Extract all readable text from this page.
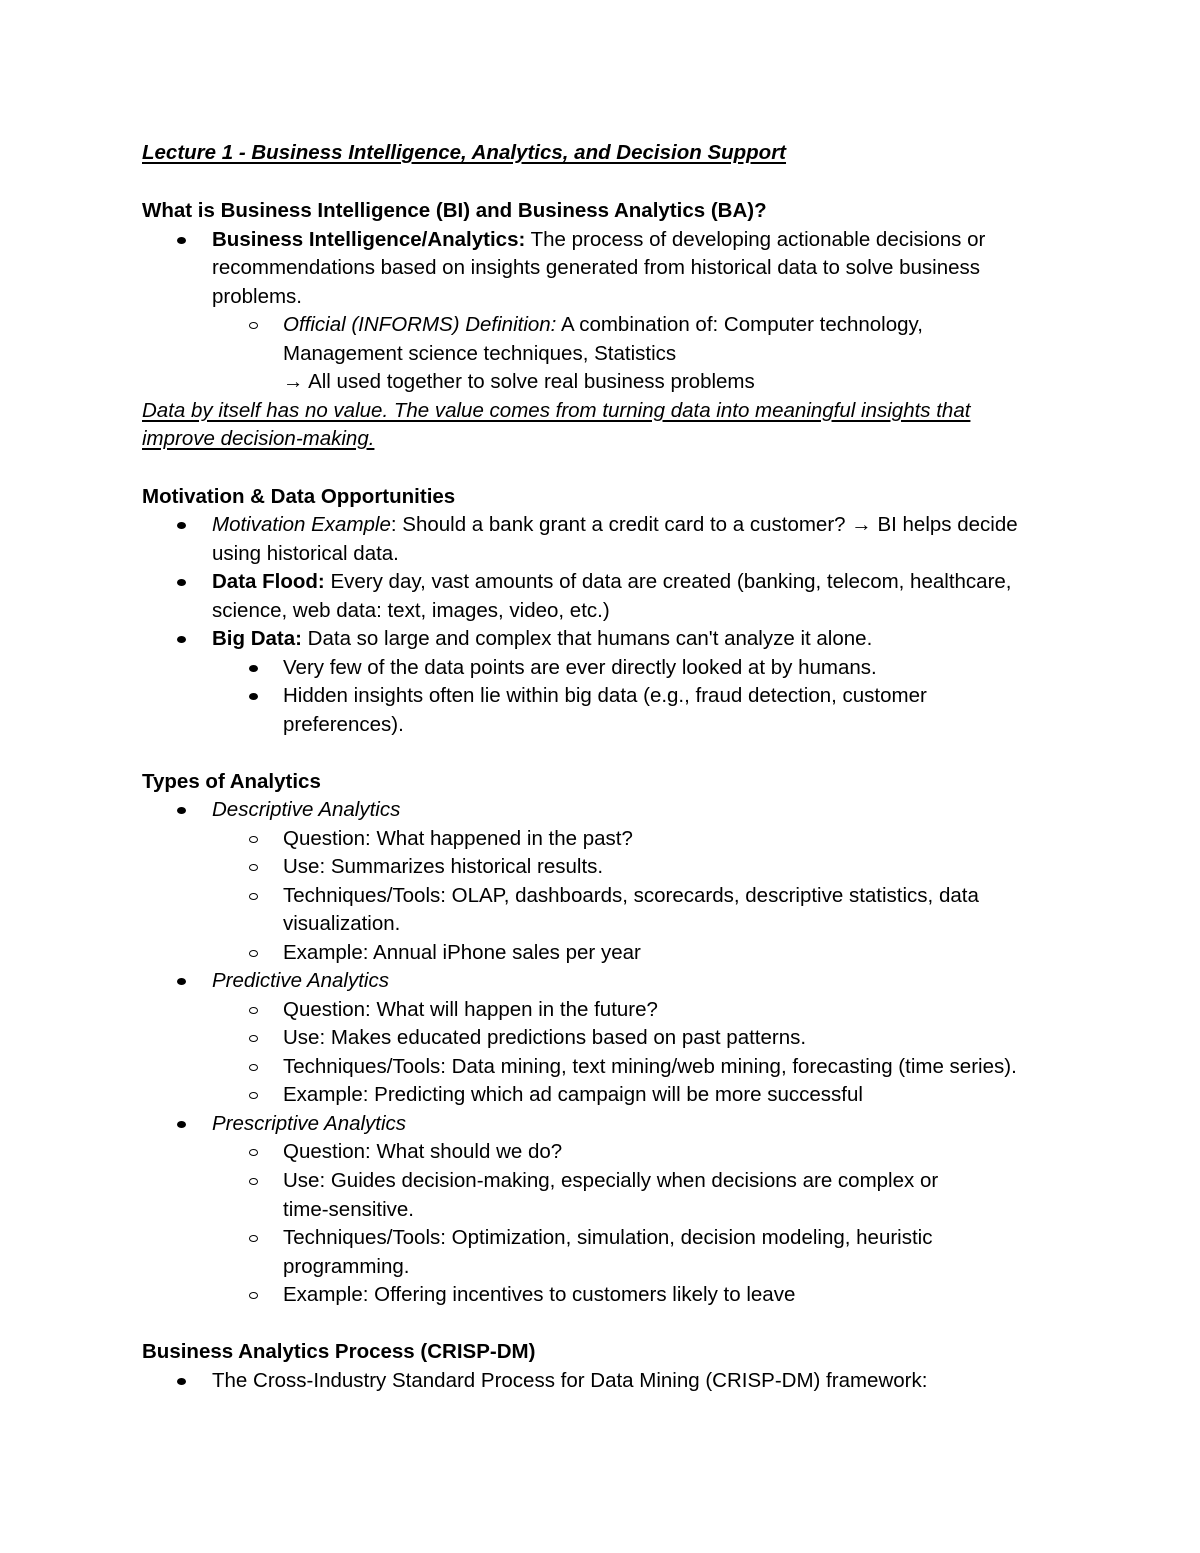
Lecture 1 - Business Intelligence, Analytics, and Decision Support
What is Business Intelligence (BI) and Business Analytics (BA)?
Business Intelligence/Analytics: The process of developing actionable decisions or
recommendations based on insights generated from historical data to solve business
problems.
Official (INFORMS) Definition: A combination of: Computer technology,
Management science techniques, Statistics
→ All used together to solve real business problems
Data by itself has no value. The value comes from turning data into meaningful insights that
improve decision-making.
Motivation & Data Opportunities
Motivation Example: Should a bank grant a credit card to a customer? → BI helps decide
using historical data.
Data Flood: Every day, vast amounts of data are created (banking, telecom, healthcare,
science, web data: text, images, video, etc.)
Big Data: Data so large and complex that humans can't analyze it alone.
Very few of the data points are ever directly looked at by humans.
Hidden insights often lie within big data (e.g., fraud detection, customer
preferences).
Types of Analytics
Descriptive Analytics
Question: What happened in the past?
Use: Summarizes historical results.
Techniques/Tools: OLAP, dashboards, scorecards, descriptive statistics, data
visualization.
Example: Annual iPhone sales per year
Predictive Analytics
Question: What will happen in the future?
Use: Makes educated predictions based on past patterns.
Techniques/Tools: Data mining, text mining/web mining, forecasting (time series).
Example: Predicting which ad campaign will be more successful
Prescriptive Analytics
Question: What should we do?
Use: Guides decision-making, especially when decisions are complex or
time-sensitive.
Techniques/Tools: Optimization, simulation, decision modeling, heuristic
programming.
Example: Offering incentives to customers likely to leave
Business Analytics Process (CRISP-DM)
The Cross-Industry Standard Process for Data Mining (CRISP-DM) framework:
